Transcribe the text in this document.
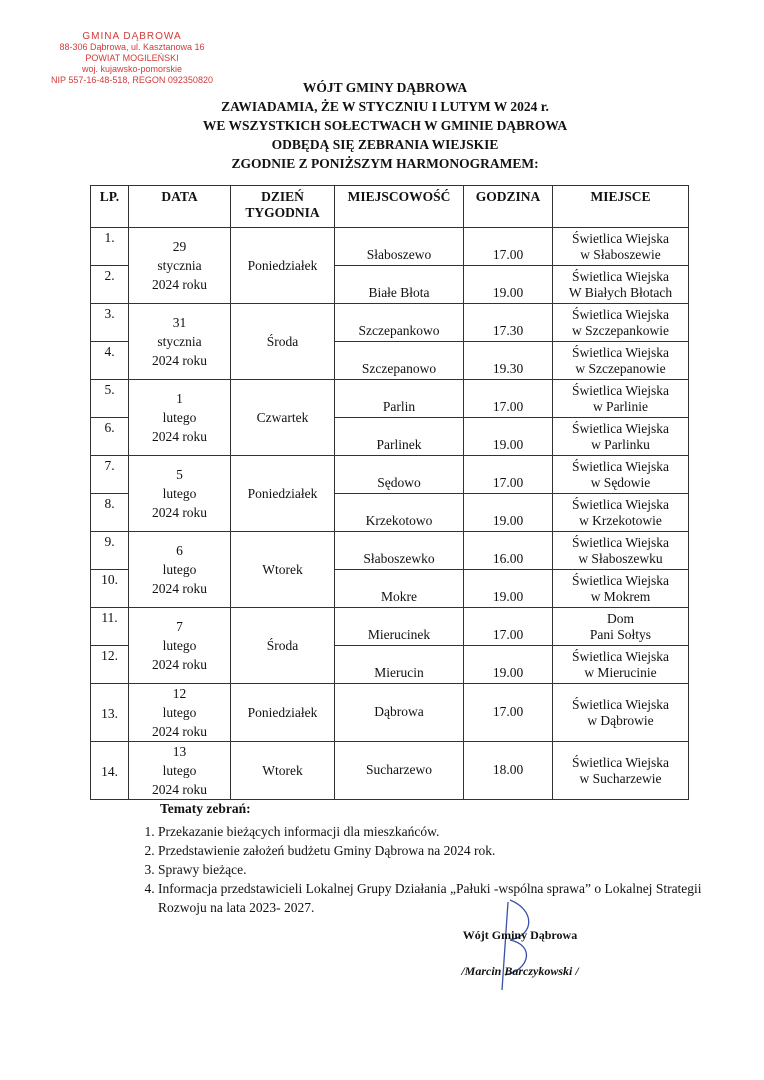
GMINA DĄBROWA
88-306 Dąbrowa, ul. Kasztanowa 16
POWIAT MOGILEŃSKI
woj. kujawsko-pomorskie
NIP 557-16-48-518, REGON 092350820	WÓJT GMINY DĄBROWA
ZAWIADAMIA, ŻE W STYCZNIU I LUTYM W 2024 r.
WE WSZYSTKICH SOŁECTWACH W GMINIE DĄBROWA
ODBĘDĄ SIĘ ZEBRANIA WIEJSKIE
ZGODNIE Z PONIŻSZYM HARMONOGRAMEM:
LP.	DATA	DZIEŃ
TYGODNIA	MIEJSCOWOŚĆ	GODZINA	MIEJSCE
1.	29
stycznia
2024 roku	Poniedziałek	Słaboszewo	17.00	Świetlica Wiejska
w Słaboszewie

2.			Białe Błota	19.00	Świetlica Wiejska
W Białych Błotach

3.	31
stycznia
2024 roku	Środa	Szczepankowo	17.30	Świetlica Wiejska
w Szczepankowie

4.			Szczepanowo	19.30	Świetlica Wiejska
w Szczepanowie

5.	1
lutego
2024 roku	Czwartek	Parlin	17.00	Świetlica Wiejska
w Parlinie

6.			Parlinek	19.00	Świetlica Wiejska
w Parlinku

7.	5
lutego
2024 roku	Poniedziałek	Sędowo	17.00	Świetlica Wiejska
w Sędowie

8.			Krzekotowo	19.00	Świetlica Wiejska
w Krzekotowie

9.	6
lutego
2024 roku	Wtorek	Słaboszewko	16.00	Świetlica Wiejska
w Słaboszewku

10.			Mokre	19.00	Świetlica Wiejska
w Mokrem

11.	7
lutego
2024 roku	Środa	Mierucinek	17.00	Dom
Pani Sołtys

12.			Mierucin	19.00	Świetlica Wiejska
w Mierucinie

13.	12
lutego
2024 roku	Poniedziałek	Dąbrowa	17.00	Świetlica Wiejska
w Dąbrowie

14.	13
lutego
2024 roku	Wtorek	Sucharzewo	18.00	Świetlica Wiejska
w Sucharzewie
Tematy zebrań:
1. Przekazanie bieżących informacji dla mieszkańców.
2. Przedstawienie założeń budżetu Gminy Dąbrowa na 2024 rok.
3. Sprawy bieżące.
4. Informacja przedstawicieli Lokalnej Grupy Działania „Pałuki -wspólna sprawa” o Lokalnej Strategii Rozwoju na lata 2023- 2027.
Wójt Gminy Dąbrowa
/Marcin Barczykowski /
